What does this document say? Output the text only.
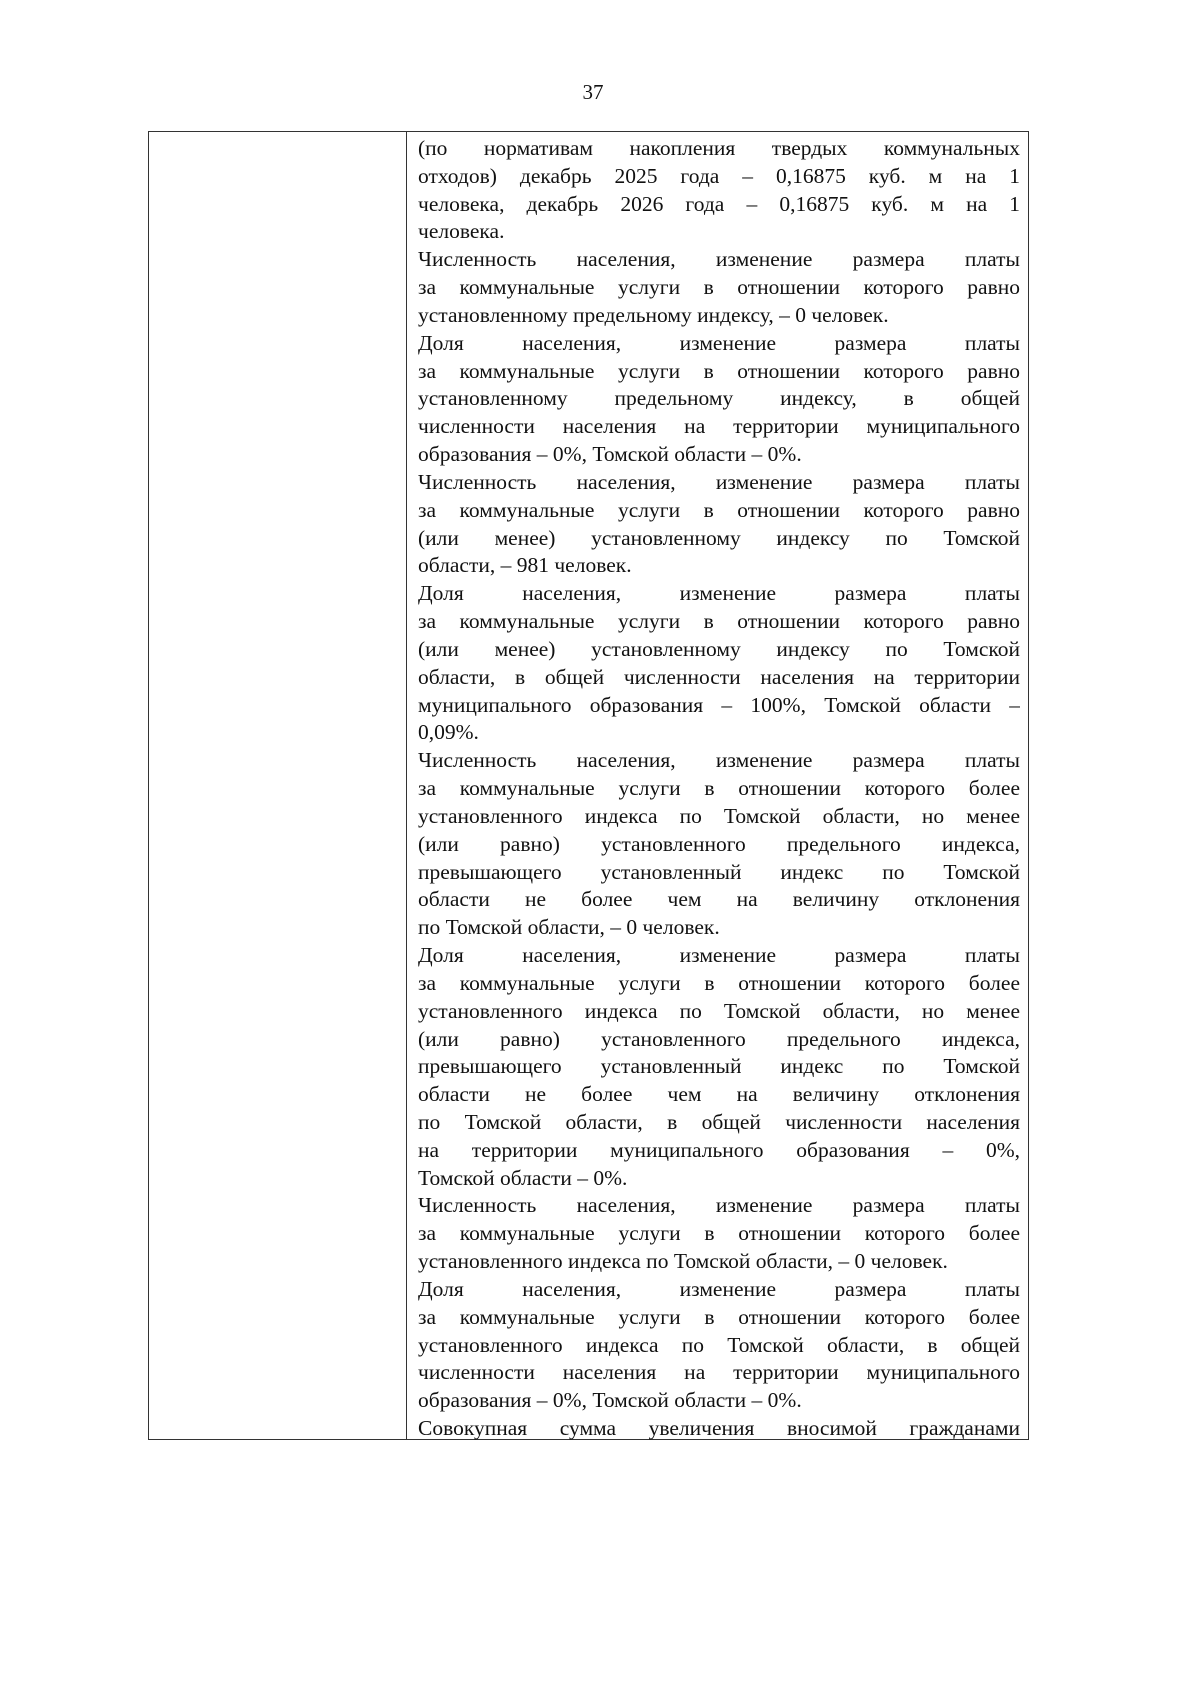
37
(по нормативам накопления твердых коммунальных
отходов) декабрь 2025 года – 0,16875 куб. м на 1
человека, декабрь 2026 года – 0,16875 куб. м на 1
человека.
Численность населения, изменение размера платы
за коммунальные услуги в отношении которого равно
установленному предельному индексу, – 0 человек.
Доля населения, изменение размера платы
за коммунальные услуги в отношении которого равно
установленному предельному индексу, в общей
численности населения на территории муниципального
образования – 0%, Томской области – 0%.
Численность населения, изменение размера платы
за коммунальные услуги в отношении которого равно
(или менее) установленному индексу по Томской
области, – 981 человек.
Доля населения, изменение размера платы
за коммунальные услуги в отношении которого равно
(или менее) установленному индексу по Томской
области, в общей численности населения на территории
муниципального образования – 100%, Томской области –
0,09%.
Численность населения, изменение размера платы
за коммунальные услуги в отношении которого более
установленного индекса по Томской области, но менее
(или равно) установленного предельного индекса,
превышающего установленный индекс по Томской
области не более чем на величину отклонения
по Томской области, – 0 человек.
Доля населения, изменение размера платы
за коммунальные услуги в отношении которого более
установленного индекса по Томской области, но менее
(или равно) установленного предельного индекса,
превышающего установленный индекс по Томской
области не более чем на величину отклонения
по Томской области, в общей численности населения
на территории муниципального образования – 0%,
Томской области – 0%.
Численность населения, изменение размера платы
за коммунальные услуги в отношении которого более
установленного индекса по Томской области, – 0 человек.
Доля населения, изменение размера платы
за коммунальные услуги в отношении которого более
установленного индекса по Томской области, в общей
численности населения на территории муниципального
образования – 0%, Томской области – 0%.
Совокупная сумма увеличения вносимой гражданами
